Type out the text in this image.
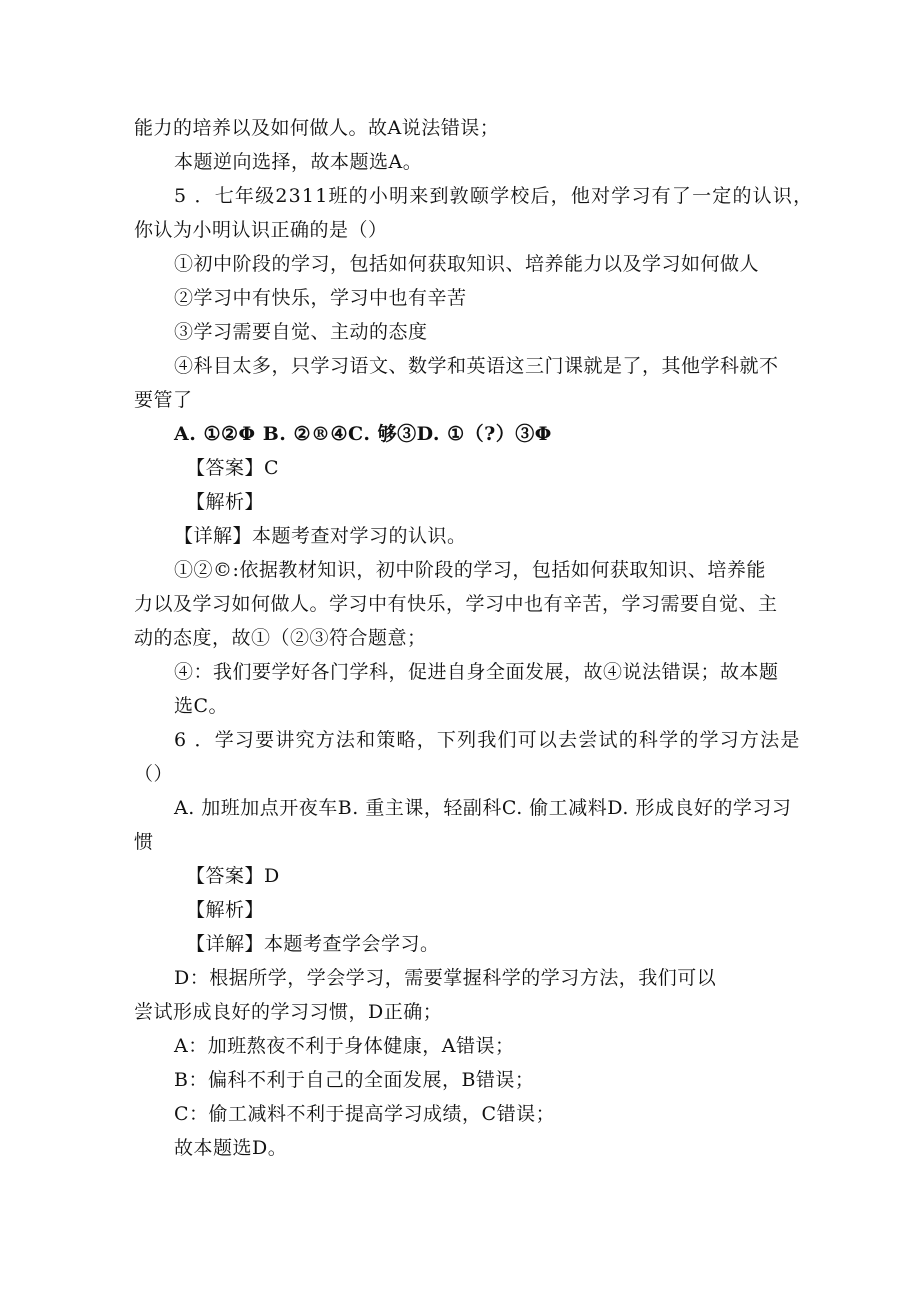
能力的培养以及如何做人。故A说法错误；
本题逆向选择，故本题选A。
5 ．七年级2311班的小明来到敦颐学校后，他对学习有了一定的认识，
你认为小明认识正确的是（）
①初中阶段的学习，包括如何获取知识、培养能力以及学习如何做人
②学习中有快乐，学习中也有辛苦
③学习需要自觉、主动的态度
④科目太多，只学习语文、数学和英语这三门课就是了，其他学科就不
要管了
A. ①②Φ B. ②®④C. 够③D. ①（?）③Φ
【答案】C
【解析】
【详解】本题考查对学习的认识。
①②©:依据教材知识，初中阶段的学习，包括如何获取知识、培养能
力以及学习如何做人。学习中有快乐，学习中也有辛苦，学习需要自觉、主
动的态度，故①（②③符合题意；
④：我们要学好各门学科，促进自身全面发展，故④说法错误；故本题
选C。
6 ．学习要讲究方法和策略，下列我们可以去尝试的科学的学习方法是
（）
A. 加班加点开夜车B. 重主课，轻副科C. 偷工减料D. 形成良好的学习习
惯
【答案】D
【解析】
【详解】本题考查学会学习。
D：根据所学，学会学习，需要掌握科学的学习方法，我们可以
尝试形成良好的学习习惯，D正确；
A：加班熬夜不利于身体健康，A错误；
B：偏科不利于自己的全面发展，B错误；
C：偷工减料不利于提高学习成绩，C错误；
故本题选D。
